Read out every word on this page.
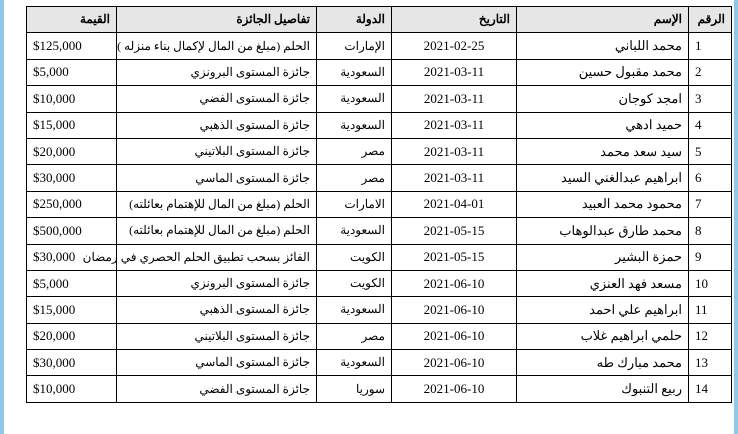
الرقم	الإسم	التاريخ	الدولة	تفاصيل الجائزة	القيمة
1	محمد اللباني	2021-02-25	الإمارات	الحلم (مبلغ من المال لإكمال بناء منزله )	$125,000
2	محمد مقبول حسين	2021-03-11	السعودية	جائزة المستوى البرونزي	$5,000
3	امجد كوجان	2021-03-11	السعودية	جائزة المستوى الفضي	$10,000
4	حميد ادهي	2021-03-11	السعودية	جائزة المستوى الذهبي	$15,000
5	سيد سعد محمد	2021-03-11	مصر	جائزة المستوى البلاتيني	$20,000
6	ابراهيم عبدالغني السيد	2021-03-11	مصر	جائزة المستوى الماسي	$30,000
7	محمود محمد العبيد	2021-04-01	الامارات	الحلم (مبلغ من المال للإهتمام بعائلته)	$250,000
8	محمد طارق عبدالوهاب	2021-05-15	السعودية	الحلم (مبلغ من المال للإهتمام بعائلته)	$500,000
9	حمزة البشير	2021-05-15	الكويت	الفائز بسحب تطبيق الحلم الحصري في رمضان	$30,000
10	مسعد فهد العنزي	2021-06-10	الكويت	جائزة المستوى البرونزي	$5,000
11	ابراهيم علي احمد	2021-06-10	السعودية	جائزة المستوى الذهبي	$15,000
12	حلمي ابراهيم غلاب	2021-06-10	مصر	جائزة المستوى البلاتيني	$20,000
13	محمد مبارك طه	2021-06-10	السعودية	جائزة المستوى الماسي	$30,000
14	ربيع التنبوك	2021-06-10	سوريا	جائزة المستوى الفضي	$10,000
